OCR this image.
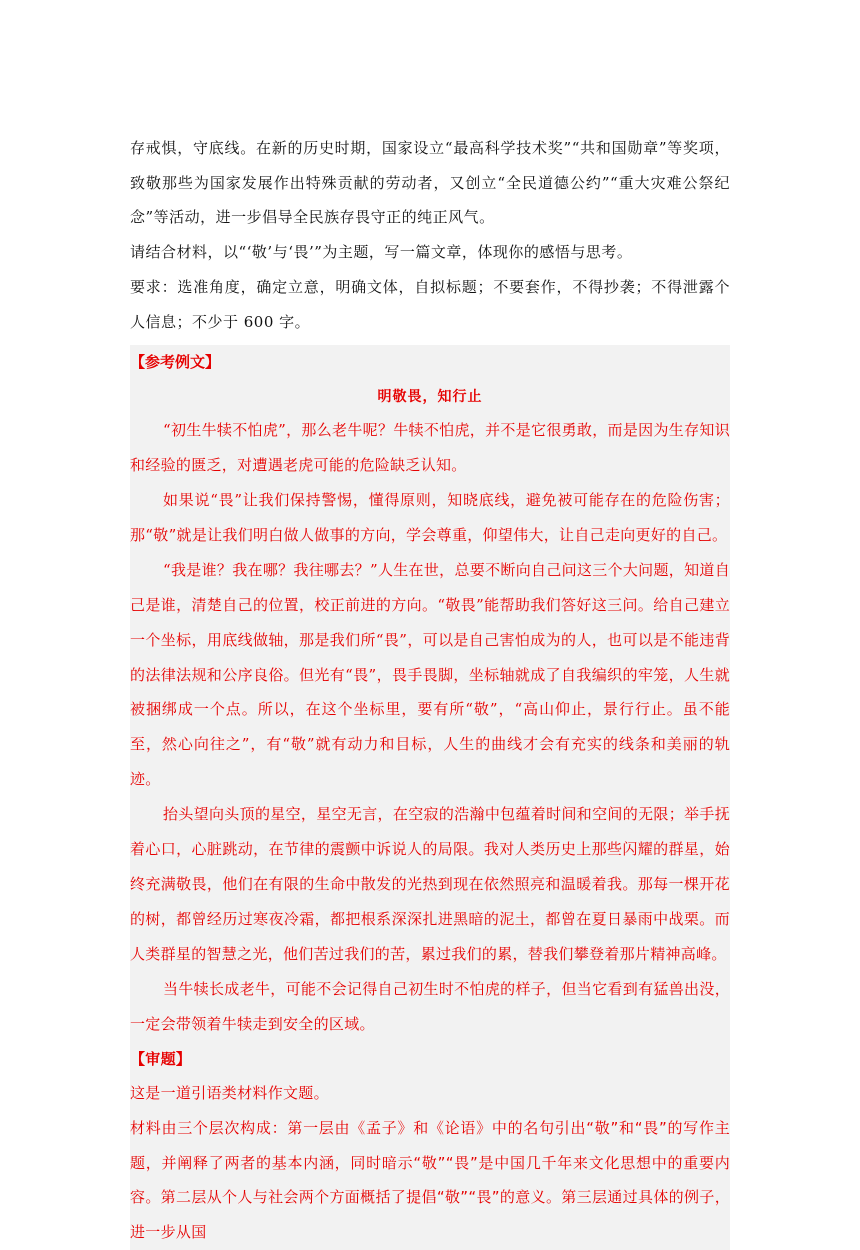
存戒惧，守底线。在新的历史时期，国家设立“最高科学技术奖”“共和国勋章”等奖项，致敬那些为国家发展作出特殊贡献的劳动者，又创立“全民道德公约”“重大灾难公祭纪念”等活动，进一步倡导全民族存畏守正的纯正风气。

请结合材料，以“‘敬’与‘畏’”为主题，写一篇文章，体现你的感悟与思考。

要求：选准角度，确定立意，明确文体，自拟标题；不要套作，不得抄袭；不得泄露个人信息；不少于 600 字。

【参考例文】

明敬畏，知行止

“初生牛犊不怕虎”，那么老牛呢？牛犊不怕虎，并不是它很勇敢，而是因为生存知识和经验的匮乏，对遭遇老虎可能的危险缺乏认知。

如果说“畏”让我们保持警惕，懂得原则，知晓底线，避免被可能存在的危险伤害；那“敬”就是让我们明白做人做事的方向，学会尊重，仰望伟大，让自己走向更好的自己。

“我是谁？我在哪？我往哪去？”人生在世，总要不断向自己问这三个大问题，知道自己是谁，清楚自己的位置，校正前进的方向。“敬畏”能帮助我们答好这三问。给自己建立一个坐标，用底线做轴，那是我们所“畏”，可以是自己害怕成为的人，也可以是不能违背的法律法规和公序良俗。但光有“畏”，畏手畏脚，坐标轴就成了自我编织的牢笼，人生就被捆绑成一个点。所以，在这个坐标里，要有所“敬”，“高山仰止，景行行止。虽不能至，然心向往之”，有“敬”就有动力和目标，人生的曲线才会有充实的线条和美丽的轨迹。

抬头望向头顶的星空，星空无言，在空寂的浩瀚中包蕴着时间和空间的无限；举手抚着心口，心脏跳动，在节律的震颤中诉说人的局限。我对人类历史上那些闪耀的群星，始终充满敬畏，他们在有限的生命中散发的光热到现在依然照亮和温暖着我。那每一棵开花的树，都曾经历过寒夜冷霜，都把根系深深扎进黑暗的泥土，都曾在夏日暴雨中战栗。而人类群星的智慧之光，他们苦过我们的苦，累过我们的累，替我们攀登着那片精神高峰。

当牛犊长成老牛，可能不会记得自己初生时不怕虎的样子，但当它看到有猛兽出没，一定会带领着牛犊走到安全的区域。

【审题】

这是一道引语类材料作文题。

材料由三个层次构成：第一层由《孟子》和《论语》中的名句引出“敬”和“畏”的写作主题，并阐释了两者的基本内涵，同时暗示“敬”“畏”是中国几千年来文化思想中的重要内容。第二层从个人与社会两个方面概括了提倡“敬”“畏”的意义。第三层通过具体的例子，进一步从国
